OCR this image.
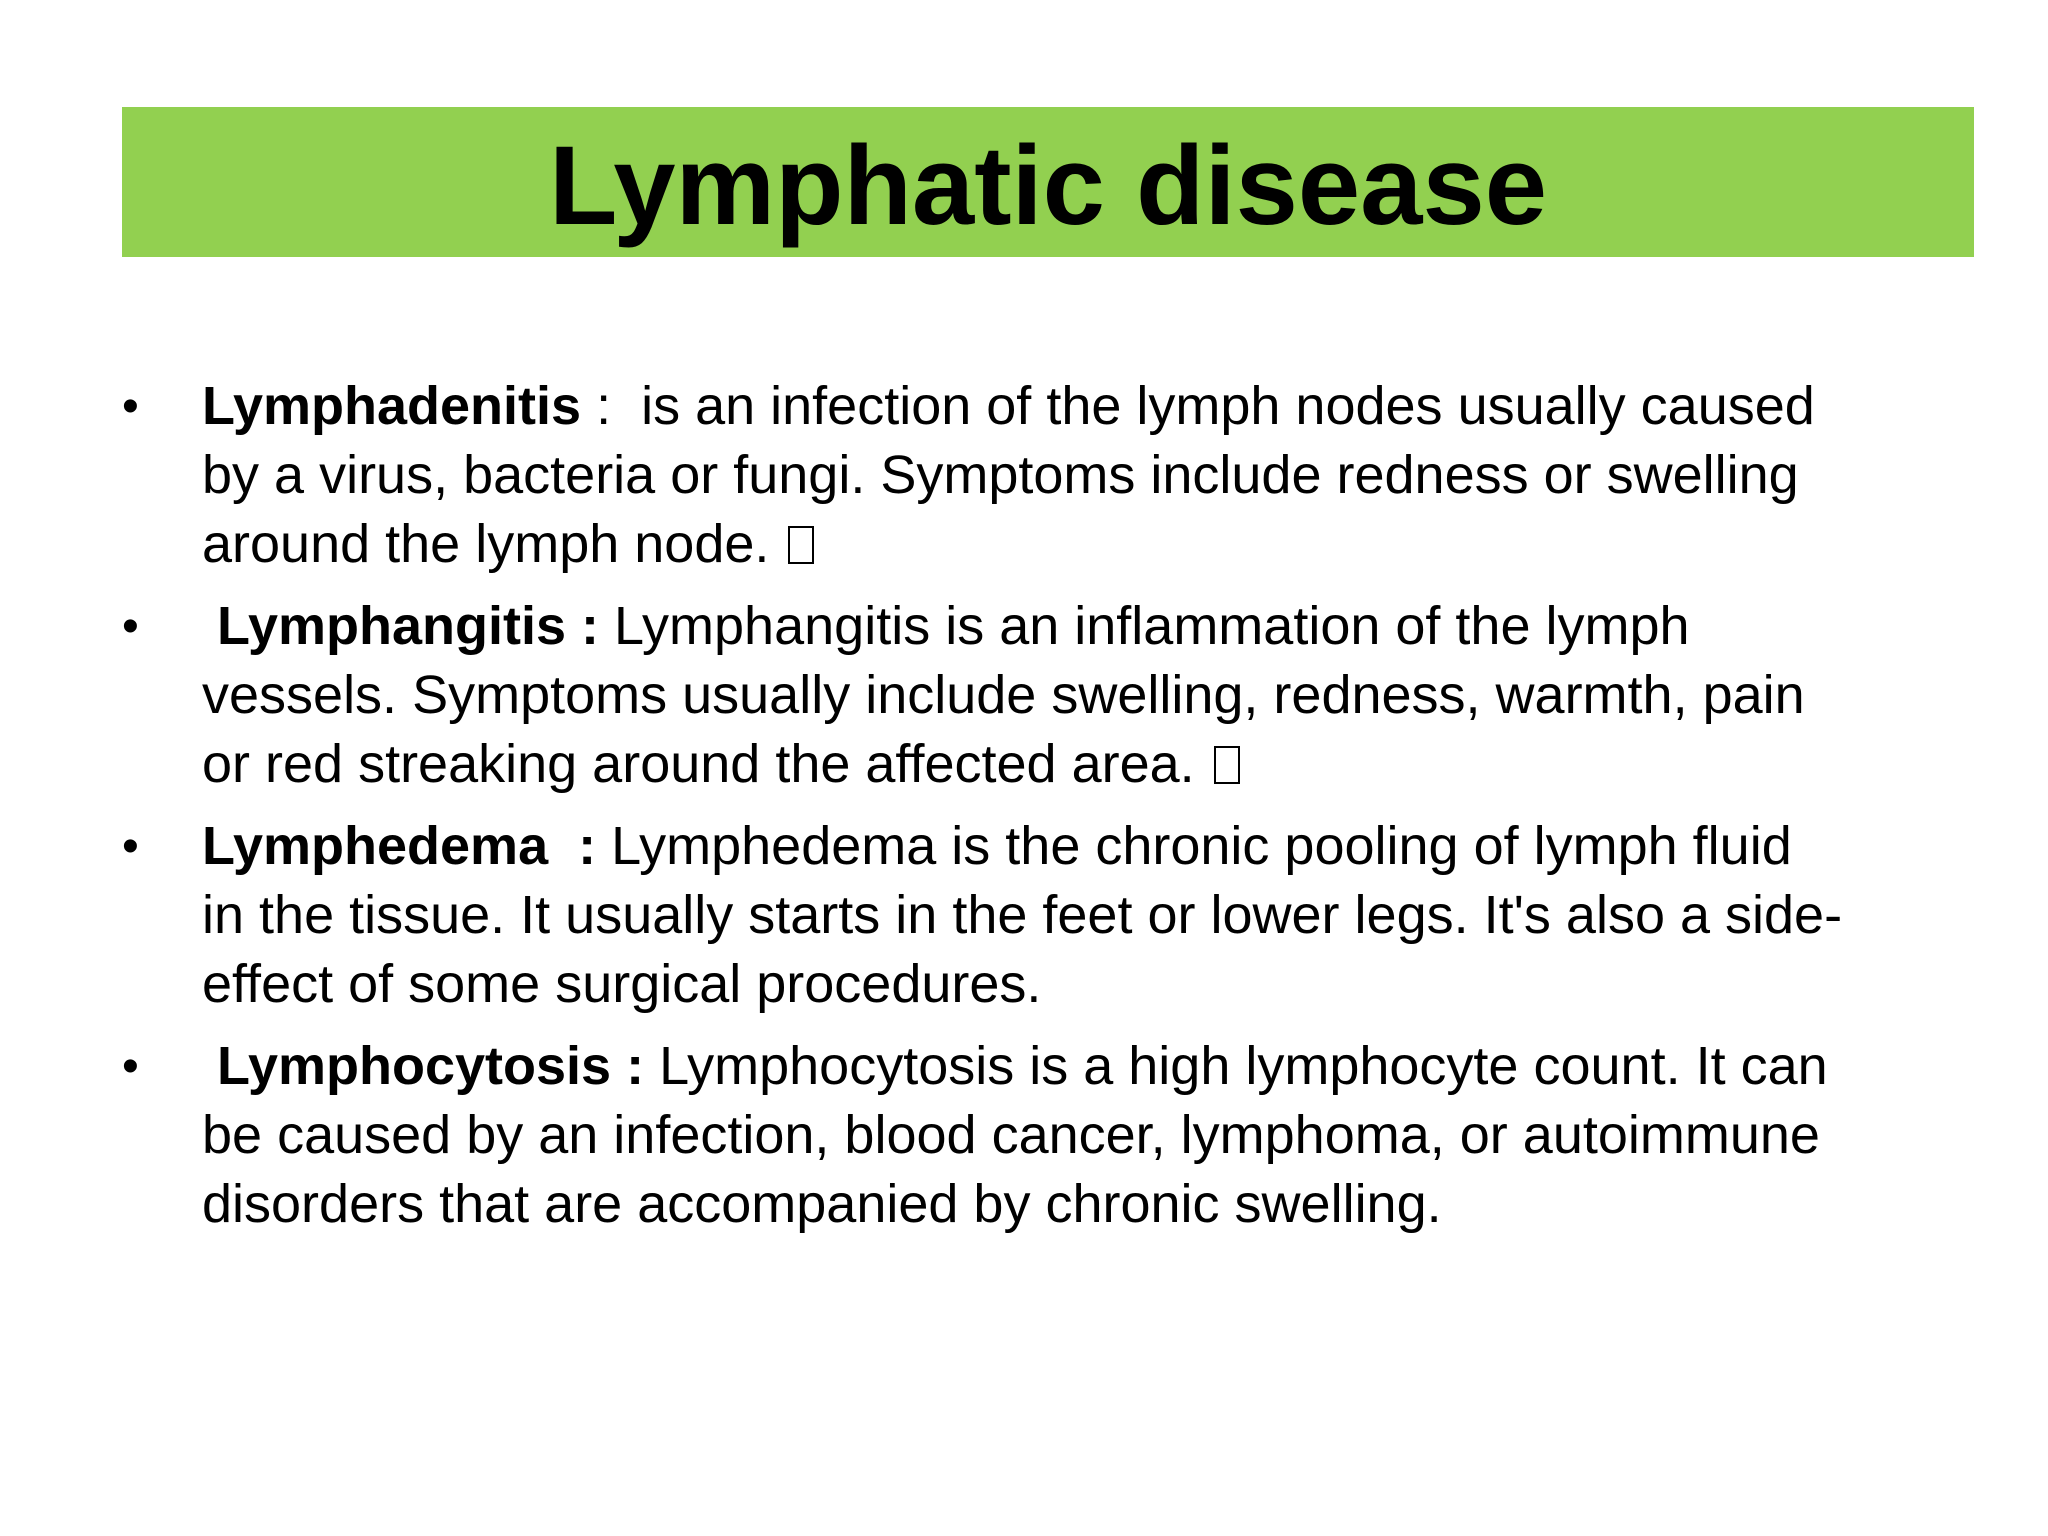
Lymphatic disease
•	Lymphadenitis :  is an infection of the lymph nodes usually caused
by a virus, bacteria or fungi. Symptoms include redness or swelling
around the lymph node.
•	Lymphangitis : Lymphangitis is an inflammation of the lymph
vessels. Symptoms usually include swelling, redness, warmth, pain
or red streaking around the affected area.
•	Lymphedema  : Lymphedema is the chronic pooling of lymph fluid
in the tissue. It usually starts in the feet or lower legs. It's also a side-
effect of some surgical procedures.
•	Lymphocytosis : Lymphocytosis is a high lymphocyte count. It can
be caused by an infection, blood cancer, lymphoma, or autoimmune
disorders that are accompanied by chronic swelling.
